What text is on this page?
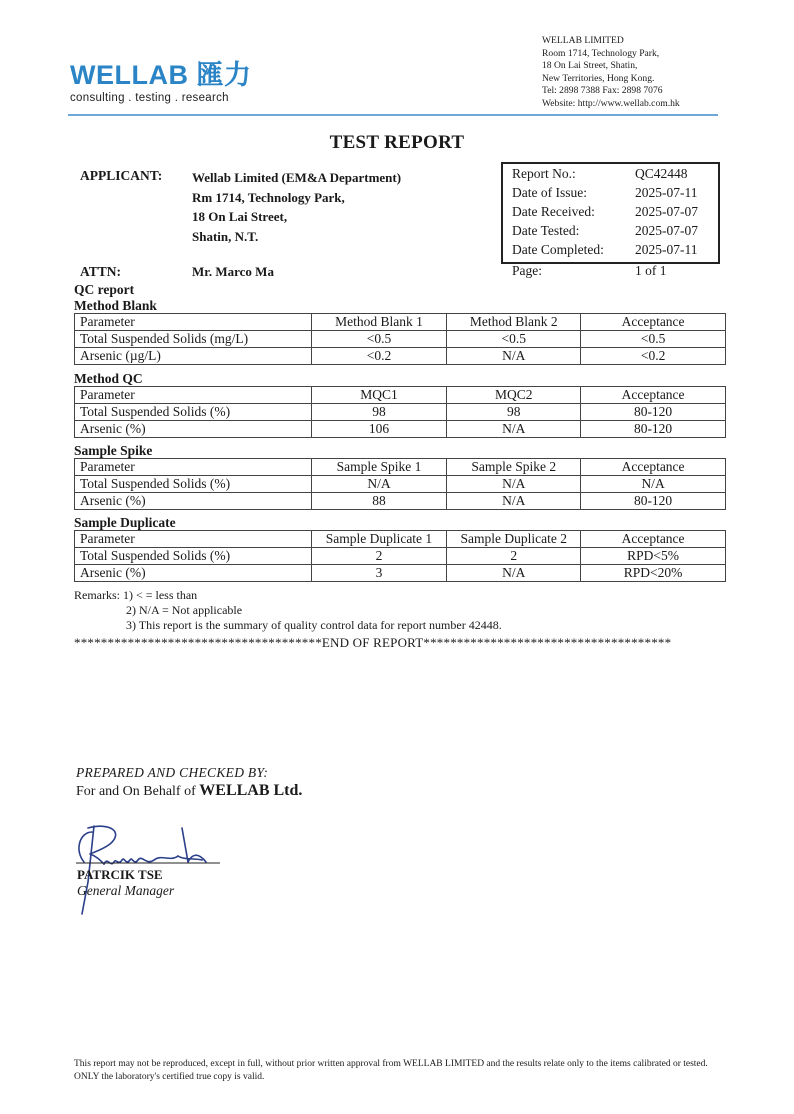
WELLAB 匯力
consulting . testing . research
WELLAB LIMITED
Room 1714, Technology Park,
18 On Lai Street, Shatin,
New Territories, Hong Kong.
Tel: 2898 7388 Fax: 2898 7076
Website: http://www.wellab.com.hk
TEST REPORT
APPLICANT: Wellab Limited (EM&A Department)
Rm 1714, Technology Park,
18 On Lai Street,
Shatin, N.T.
ATTN:	Mr. Marco Ma
Report No.:	QC42448
Date of Issue:	2025-07-11
Date Received:	2025-07-07
Date Tested:	2025-07-07
Date Completed: 2025-07-11
Page:	1 of 1
QC report
Method Blank
Parameter	Method Blank 1	Method Blank 2	Acceptance
Total Suspended Solids (mg/L)	<0.5	<0.5	<0.5
Arsenic (µg/L)	<0.2	N/A	<0.2
Method QC
Parameter	MQC1	MQC2	Acceptance
Total Suspended Solids (%)	98	98	80-120
Arsenic (%)	106	N/A	80-120
Sample Spike
Parameter	Sample Spike 1	Sample Spike 2	Acceptance
Total Suspended Solids (%)	N/A	N/A	N/A
Arsenic (%)	88	N/A	80-120
Sample Duplicate
Parameter	Sample Duplicate 1	Sample Duplicate 2	Acceptance
Total Suspended Solids (%)	2	2	RPD<5%
Arsenic (%)	3	N/A	RPD<20%
Remarks: 1) < = less than
2) N/A = Not applicable
3) This report is the summary of quality control data for report number 42448.
*************************************END OF REPORT*************************************
PREPARED AND CHECKED BY:
For and On Behalf of WELLAB Ltd.
PATRCIK TSE
General Manager
This report may not be reproduced, except in full, without prior written approval from WELLAB LIMITED and the results relate only to the items calibrated or tested. ONLY the laboratory's certified true copy is valid.
